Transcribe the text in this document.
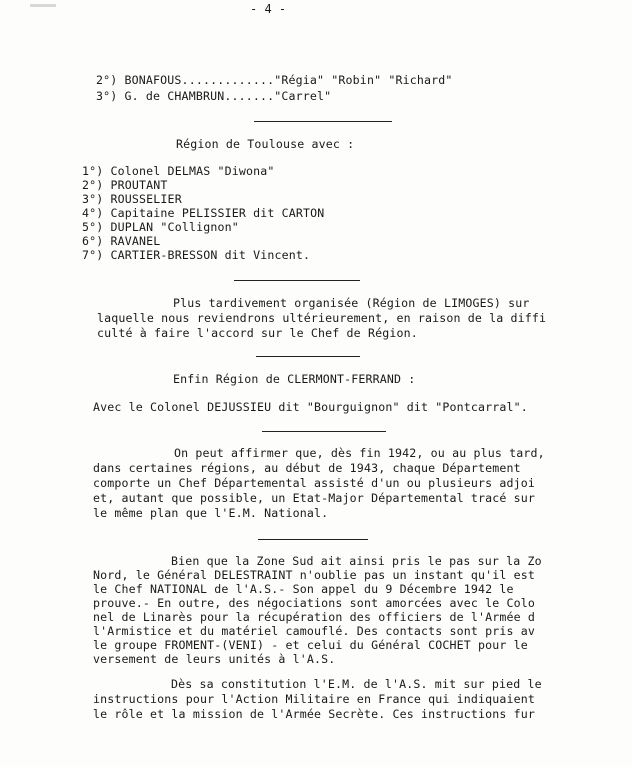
- 4 -
2°) BONAFOUS............."Régia" "Robin" "Richard"
3°) G. de CHAMBRUN......."Carrel"
Région de Toulouse avec :
1°) Colonel DELMAS "Diwona"
2°) PROUTANT
3°) ROUSSELIER
4°) Capitaine PELISSIER dit CARTON
5°) DUPLAN "Collignon"
6°) RAVANEL
7°) CARTIER-BRESSON dit Vincent.
Plus tardivement organisée (Région de LIMOGES) sur
laquelle nous reviendrons ultérieurement, en raison de la diffi
culté à faire l'accord sur le Chef de Région.
Enfin Région de CLERMONT-FERRAND :
Avec le Colonel DEJUSSIEU dit "Bourguignon" dit "Pontcarral".
On peut affirmer que, dès fin 1942, ou au plus tard,
dans certaines régions, au début de 1943, chaque Département
comporte un Chef Départemental assisté d'un ou plusieurs adjoi
et, autant que possible, un Etat-Major Départemental tracé sur
le même plan que l'E.M. National.
Bien que la Zone Sud ait ainsi pris le pas sur la Zo
Nord, le Général DELESTRAINT n'oublie pas un instant qu'il est
le Chef NATIONAL de l'A.S.- Son appel du 9 Décembre 1942 le
prouve.- En outre, des négociations sont amorcées avec le Colo
nel de Linarès pour la récupération des officiers de l'Armée d
l'Armistice et du matériel camouflé. Des contacts sont pris av
le groupe FROMENT-(VENI) - et celui du Général COCHET pour le
versement de leurs unités à l'A.S.
Dès sa constitution l'E.M. de l'A.S. mit sur pied le
instructions pour l'Action Militaire en France qui indiquaient
le rôle et la mission de l'Armée Secrète. Ces instructions fur
